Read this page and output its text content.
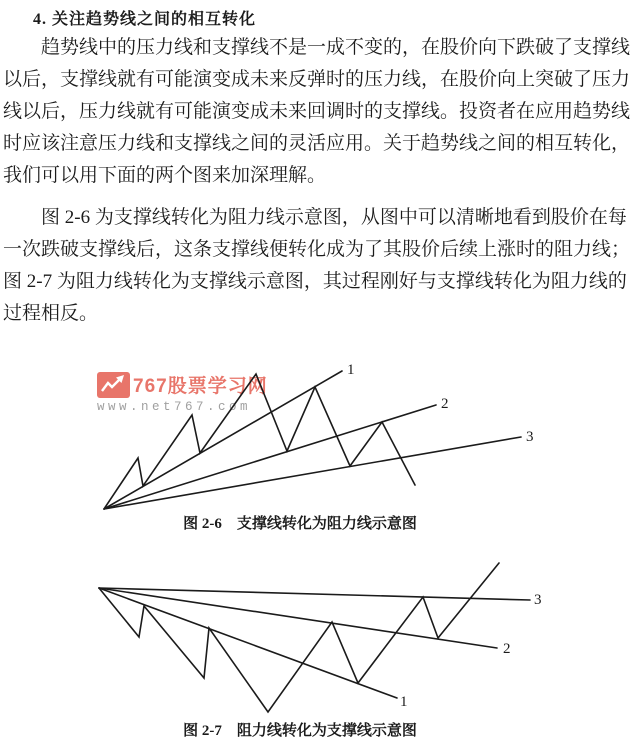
4. 关注趋势线之间的相互转化
趋势线中的压力线和支撑线不是一成不变的，在股价向下跌破了支撑线
以后，支撑线就有可能演变成未来反弹时的压力线，在股价向上突破了压力
线以后，压力线就有可能演变成未来回调时的支撑线。投资者在应用趋势线
时应该注意压力线和支撑线之间的灵活应用。关于趋势线之间的相互转化，
我们可以用下面的两个图来加深理解。
图 2-6 为支撑线转化为阻力线示意图，从图中可以清晰地看到股价在每
一次跌破支撑线后，这条支撑线便转化成为了其股价后续上涨时的阻力线；
图 2-7 为阻力线转化为支撑线示意图，其过程刚好与支撑线转化为阻力线的
过程相反。
767股票学习网
www.net767.com
1
2
3
图 2-6　支撑线转化为阻力线示意图
1
2
3
图 2-7　阻力线转化为支撑线示意图
